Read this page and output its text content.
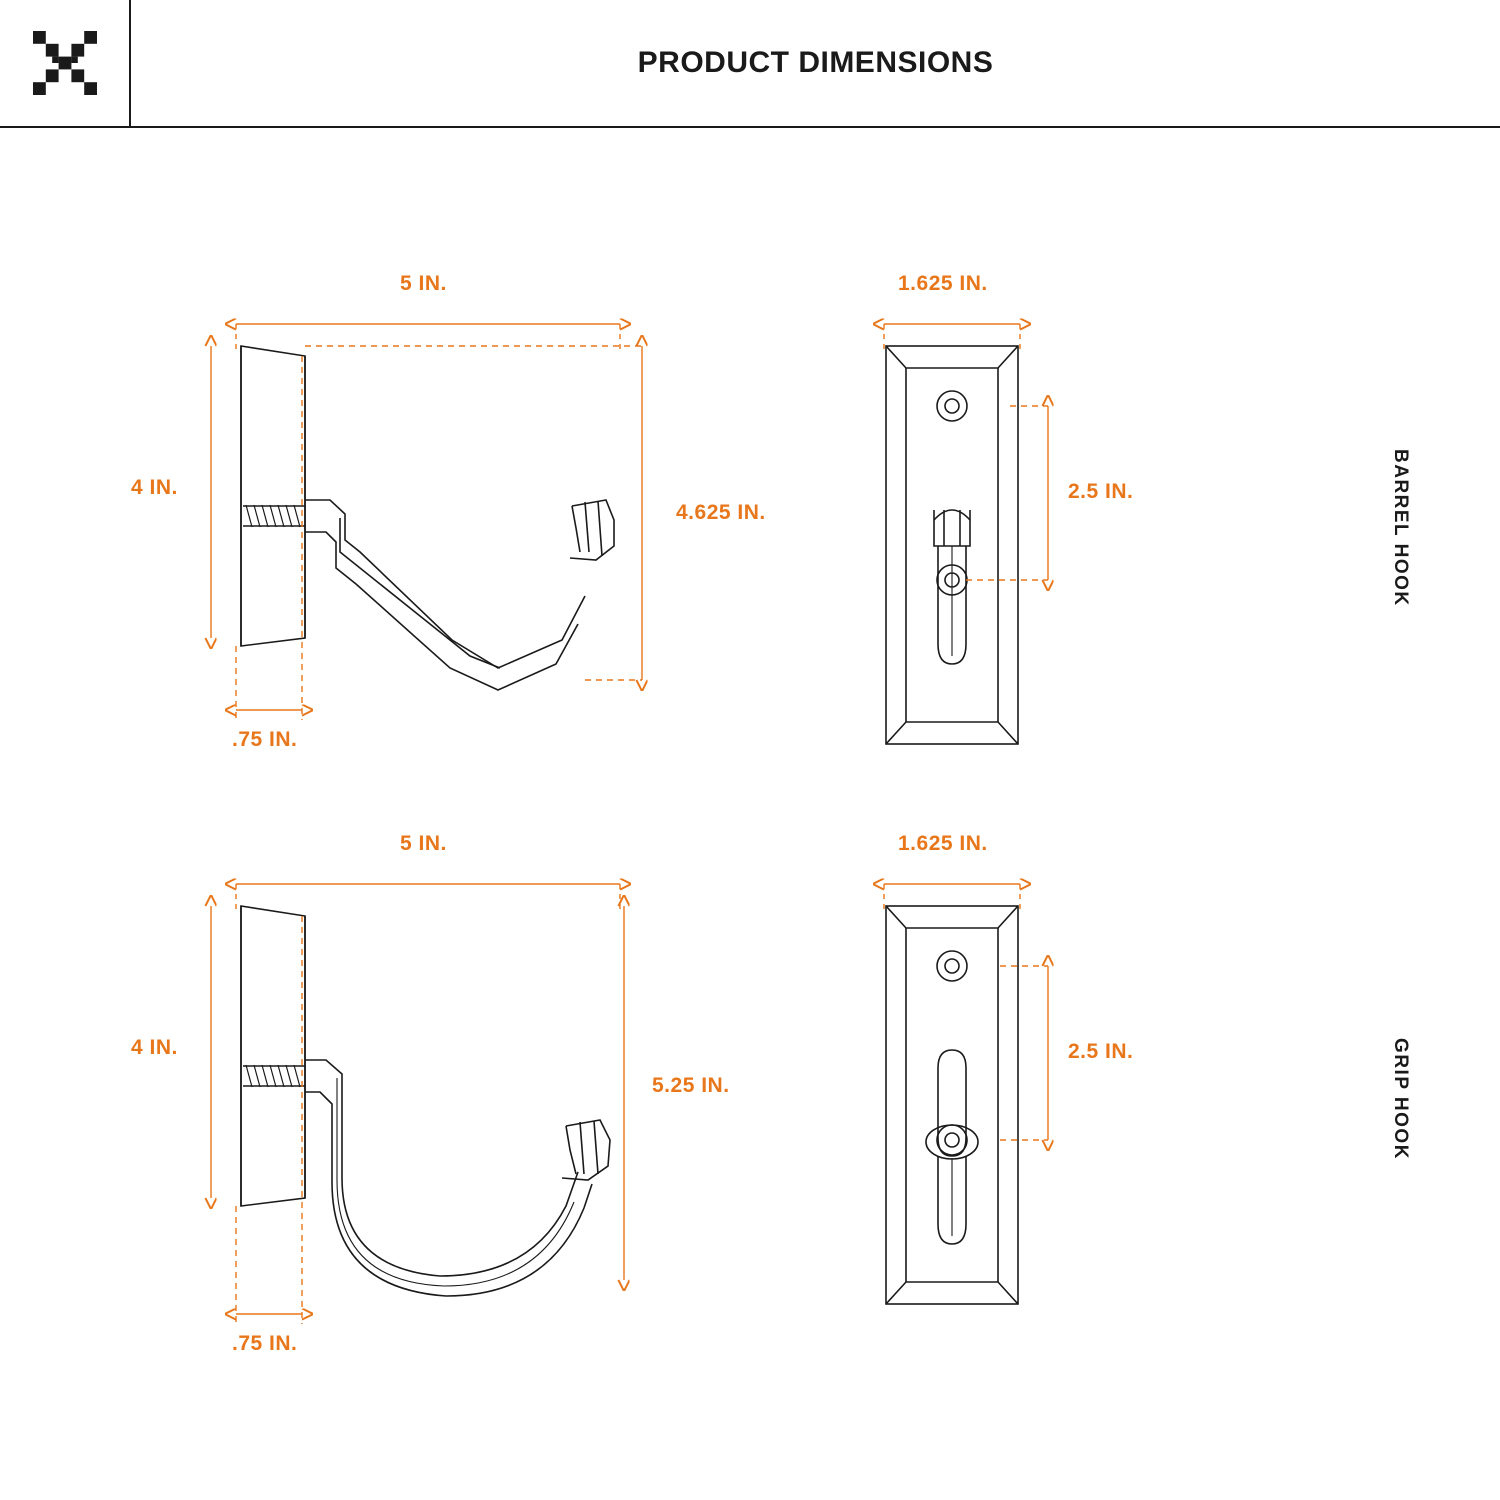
PRODUCT DIMENSIONS
5 IN.
4 IN.
4.625 IN.
.75 IN.
1.625 IN.
2.5 IN.
5 IN.
4 IN.
5.25 IN.
.75 IN.
1.625 IN.
2.5 IN.
BARREL HOOK
GRIP HOOK
